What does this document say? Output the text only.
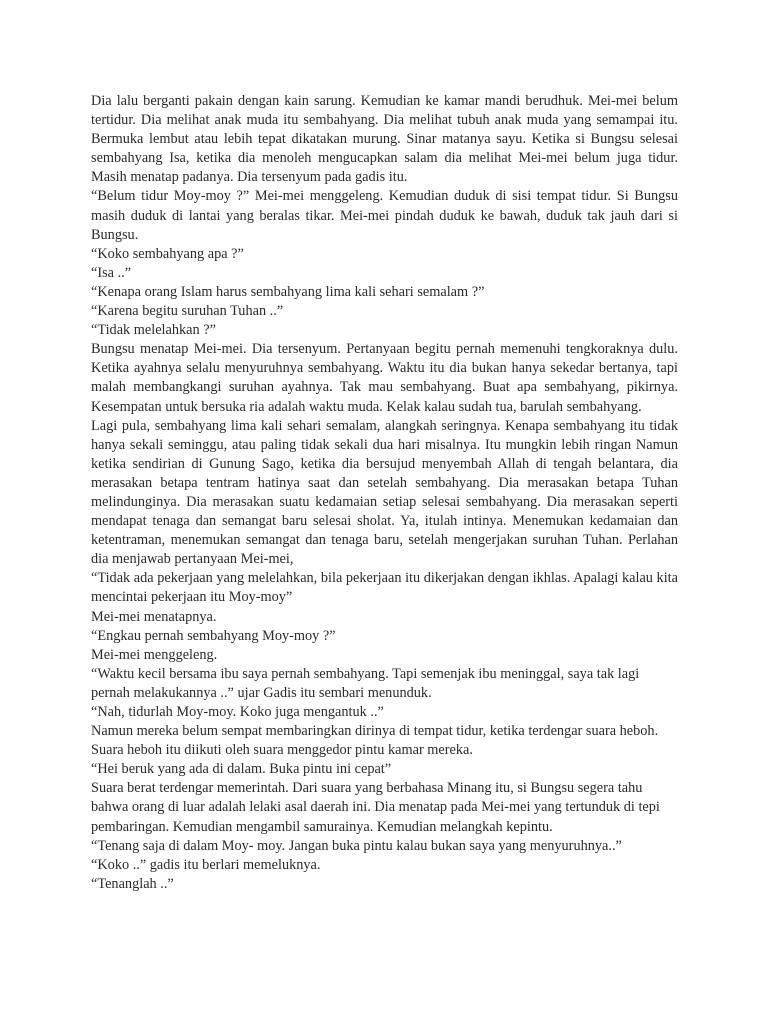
Dia lalu berganti pakain dengan kain sarung. Kemudian ke kamar mandi berudhuk. Mei-mei belum tertidur. Dia melihat anak muda itu sembahyang. Dia melihat tubuh anak muda yang semampai itu. Bermuka lembut atau lebih tepat dikatakan murung. Sinar matanya sayu. Ketika si Bungsu selesai sembahyang Isa, ketika dia menoleh mengucapkan salam dia melihat Mei-mei belum juga tidur. Masih menatap padanya. Dia tersenyum pada gadis itu.

“Belum tidur Moy-moy ?” Mei-mei menggeleng. Kemudian duduk di sisi tempat tidur. Si Bungsu masih duduk di lantai yang beralas tikar. Mei-mei pindah duduk ke bawah, duduk tak jauh dari si Bungsu.

“Koko sembahyang apa ?”

“Isa ..”

“Kenapa orang Islam harus sembahyang lima kali sehari semalam ?”

“Karena begitu suruhan Tuhan ..”

“Tidak melelahkan ?”

Bungsu menatap Mei-mei. Dia tersenyum. Pertanyaan begitu pernah memenuhi tengkoraknya dulu. Ketika ayahnya selalu menyuruhnya sembahyang. Waktu itu dia bukan hanya sekedar bertanya, tapi malah membangkangi suruhan ayahnya. Tak mau sembahyang. Buat apa sembahyang, pikirnya. Kesempatan untuk bersuka ria adalah waktu muda. Kelak kalau sudah tua, barulah sembahyang.

Lagi pula, sembahyang lima kali sehari semalam, alangkah seringnya. Kenapa sembahyang itu tidak hanya sekali seminggu, atau paling tidak sekali dua hari misalnya. Itu mungkin lebih ringan Namun ketika sendirian di Gunung Sago, ketika dia bersujud menyembah Allah di tengah belantara, dia merasakan betapa tentram hatinya saat dan setelah sembahyang. Dia merasakan betapa Tuhan melindunginya. Dia merasakan suatu kedamaian setiap selesai sembahyang. Dia merasakan seperti mendapat tenaga dan semangat baru selesai sholat. Ya, itulah intinya. Menemukan kedamaian dan ketentraman, menemukan semangat dan tenaga baru, setelah mengerjakan suruhan Tuhan. Perlahan dia menjawab pertanyaan Mei-mei,

“Tidak ada pekerjaan yang melelahkan, bila pekerjaan itu dikerjakan dengan ikhlas. Apalagi kalau kita mencintai pekerjaan itu Moy-moy”

Mei-mei menatapnya.

“Engkau pernah sembahyang Moy-moy ?”

Mei-mei menggeleng.

“Waktu kecil bersama ibu saya pernah sembahyang. Tapi semenjak ibu meninggal, saya tak lagi pernah melakukannya ..” ujar Gadis itu sembari menunduk.

“Nah, tidurlah Moy-moy. Koko juga mengantuk ..”

Namun mereka belum sempat membaringkan dirinya di tempat tidur, ketika terdengar suara heboh. Suara heboh itu diikuti oleh suara menggedor pintu kamar mereka.

“Hei beruk yang ada di dalam. Buka pintu ini cepat”

Suara berat terdengar memerintah. Dari suara yang berbahasa Minang itu, si Bungsu segera tahu bahwa orang di luar adalah lelaki asal daerah ini. Dia menatap pada Mei-mei yang tertunduk di tepi pembaringan. Kemudian mengambil samurainya. Kemudian melangkah kepintu.

“Tenang saja di dalam Moy- moy. Jangan buka pintu kalau bukan saya yang menyuruhnya..”

“Koko ..” gadis itu berlari memeluknya.

“Tenanglah ..”
